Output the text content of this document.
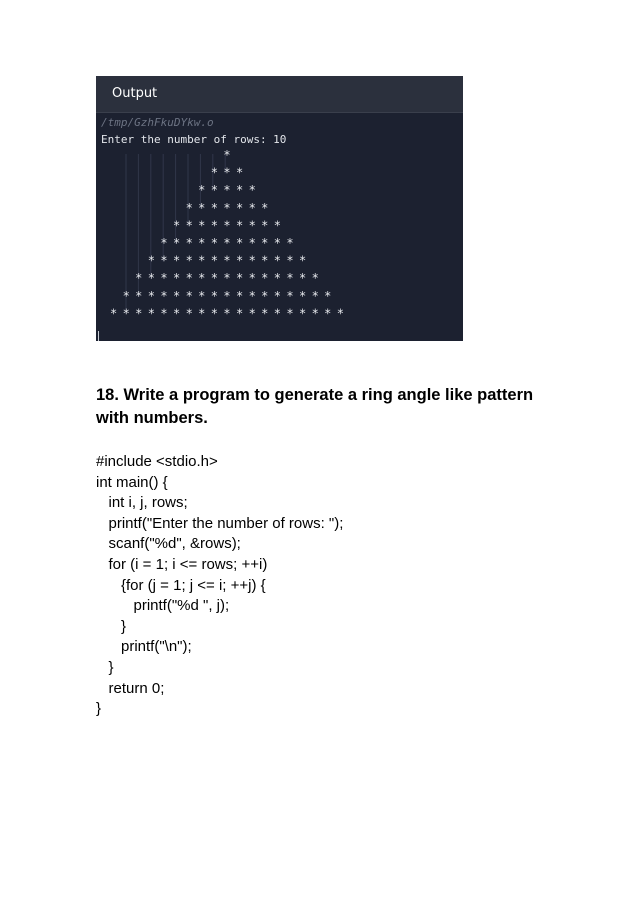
Output
/tmp/GzhFkuDYkw.o
Enter the number of rows: 10
*
* * *
* * * * *
* * * * * * *
* * * * * * * * *
* * * * * * * * * * *
* * * * * * * * * * * * *
* * * * * * * * * * * * * * *
* * * * * * * * * * * * * * * * *
* * * * * * * * * * * * * * * * * * *
18. Write a program to generate a ring angle like pattern with numbers.
#include <stdio.h>
int main() {
int i, j, rows;
printf("Enter the number of rows: ");
scanf("%d", &rows);
for (i = 1; i <= rows; ++i)
{for (j = 1; j <= i; ++j) {
printf("%d ", j);
}
printf("\n");
}
return 0;
}
